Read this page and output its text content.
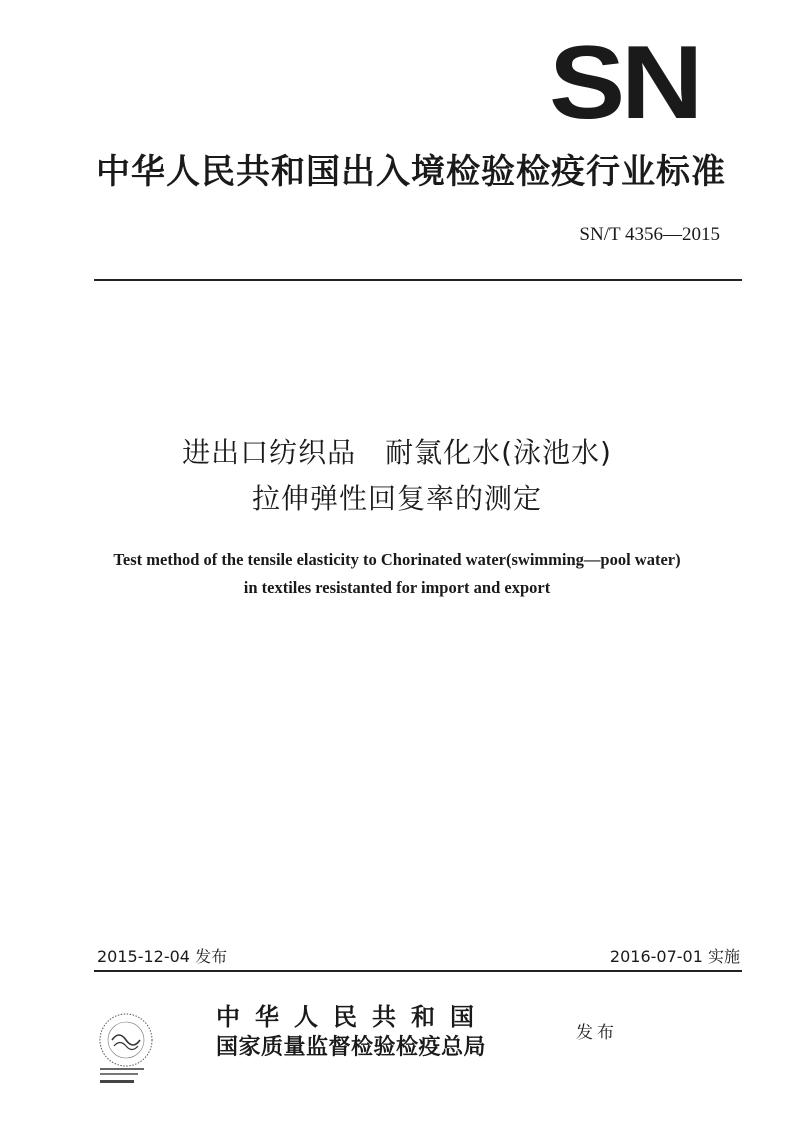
SN
中华人民共和国出入境检验检疫行业标准
SN/T 4356—2015
进出口纺织品　耐氯化水(泳池水)
拉伸弹性回复率的测定
Test method of the tensile elasticity to Chorinated water(swimming—pool water)
in textiles resistanted for import and export
2015-12-04 发布	2016-07-01 实施
中华人民共和国
国家质量监督检验检疫总局
发布
